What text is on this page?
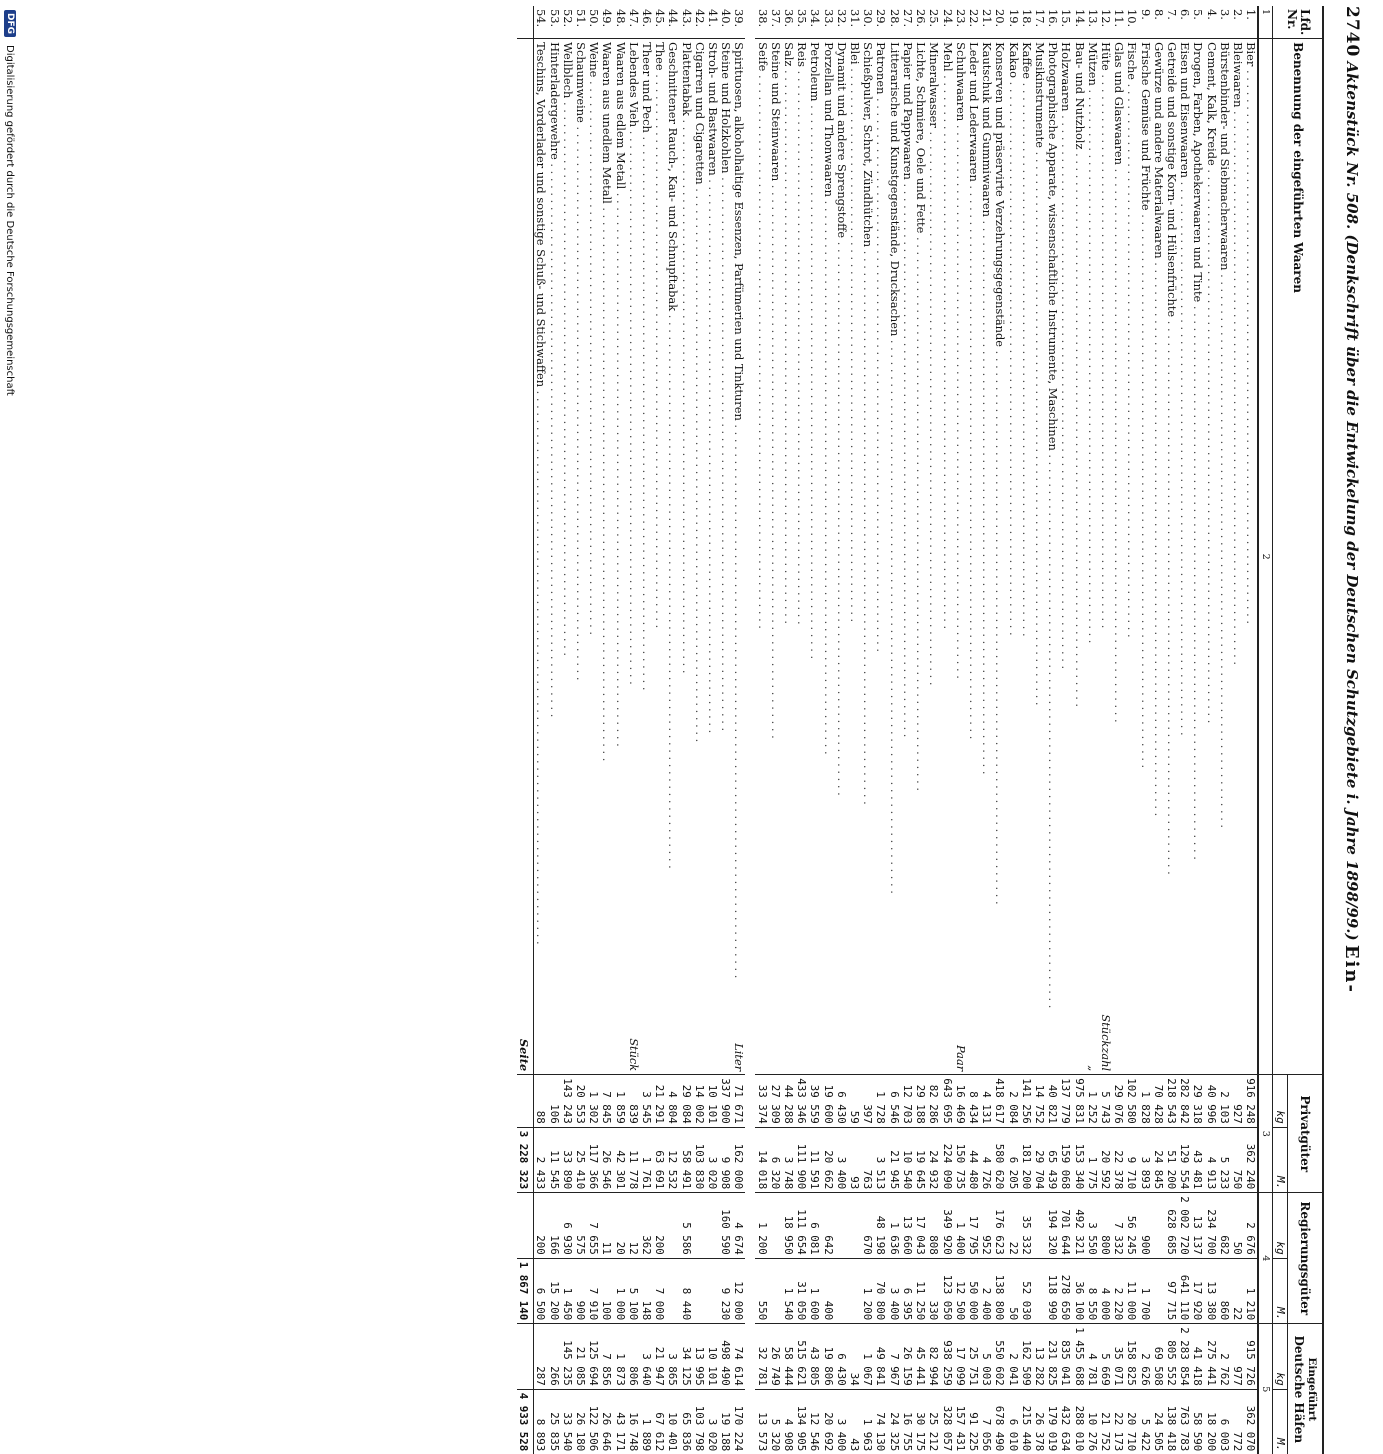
DFG
Digitalisierung gefördert durch die Deutsche Forschungsgemeinschaft
2740
Aktenstück Nr. 508. (Denkschrift über die Entwickelung der Deutschen Schutzgebiete i. Jahre 1898/99.)
Ein-
Lfd. Nr.	Benennung der eingeführten Waaren		Privatgüter		Regierungsgüter		Eingeführt
Deutsche Häfen	

			kg	M.	kg	M.	kg	M.
1	2		3		4		5	
1.	Bier . . .		916 248	362 240	2 676	1 210	915 726	362 070
2.	Bleiwaaren . . .		927	750	50	22	977	772
3.	Bürstenbinder- und Siebmacherwaaren . . .		2 103	5 233	682	860	2 762	6 003
4.	Cement, Kalk, Kreide . . .		40 996	4 913	234 700	13 380	275 441	18 200
5.	Drogen, Farben, Apothekerwaaren und Tinte . . .		29 318	43 481	13 137	17 920	41 418	58 590
6.	Eisen und Eisenwaaren . . .		282 842	129 554	2 002 720	641 110	2 283 854	763 783
7.	Getreide und sonstige Korn- und Hülsenfrüchte . . .		218 543	51 200	628 685	97 715	805 552	138 418
8.	Gewürze und andere Materialwaaren . . .		70 428	24 845			69 508	24 505
9.	Frische Gemüse und Früchte . . .		1 828	3 893	900	1 700	2 626	5 422
10.	Fische . . .		102 580	9 710	56 245	11 000	158 825	20 710
11.	Glas und Glaswaaren . . .		29 076	22 378	7 332	2 220	35 071	22 173
12.	Hüte . . .	Stückzahl	5 743	20 592	800	4 000	5 669	21 752
13.	Mützen . . .	„	1 252	1 775	3 550	8 550	4 781	10 276
14.	Bau- und Nutzholz . . .		975 831	153 340	492 321	36 100	1 455 688	288 010
15.	Holzwaaren . . .		137 779	159 068	701 644	278 650	835 041	432 634
16.	Photographische Apparate, wissenschaftliche Instrumente, Maschinen . . .		40 821	65 439	194 320	118 990	231 825	179 019
17.	Musikinstrumente . . .		14 752	29 704			13 282	26 378
18.	Kaffee . . .		141 256	181 200	35 332	52 030	162 509	215 440
19.	Kakao . . .		2 084	6 205	22	50	2 041	6 010
20.	Konserven und präservirte Verzehrungsgegenstände . . .		418 617	580 620	176 623	138 800	550 602	678 490
21.	Kautschuk und Gummiwaaren . . .		4 131	4 726	952	2 400	5 003	7 056
22.	Leder und Lederwaaren . . .		8 434	44 480	17 795	50 000	25 751	91 225
23.	Schuhwaaren . . .	Paar	16 469	150 735	1 400	12 500	17 099	157 431
24.	Mehl . . .		643 695	224 090	349 920	123 050	938 259	328 057
25.	Mineralwasser . . .		82 286	24 932	808	330	82 994	25 212
26.	Lichte, Schmiere, Oele und Fette . . .		29 188	19 645	17 043	11 250	45 441	30 175
27.	Papier und Pappwaaren . . .		12 703	10 540	13 660	6 395	26 159	16 755
28.	Litterarische und Kunstgegenstände, Drucksachen . . .		6 546	21 945	1 636	3 400	7 967	24 325
29.	Patronen . . .		1 728	3 513	48 198	70 800	49 841	74 130
30.	Schießpulver, Schrot, Zündhütchen . . .		397	763	670	1 200	1 067	1 963
31.	Blei . . .		59	93			34	43
32.	Dynamit und andere Sprengstoffe . . .		6 430	3 400			6 430	3 400
33.	Porzellan und Thonwaaren . . .		19 600	20 662	642	400	19 806	20 692
34.	Petroleum . . .		39 559	11 591	6 081	1 600	43 805	12 546
35.	Reis . . .		433 346	111 900	111 654	31 050	515 621	134 905
36.	Salz . . .		44 288	3 748	18 950	1 540	58 444	4 908
37.	Steine und Steinwaaren . . .		27 309	6 320			26 749	5 320
38.	Seife . . .		33 374	14 018	1 200	550	32 781	13 573

39.	Spirituosen, alkoholhaltige Essenzen, Parfümerien und Tinkturen . . .	Liter	71 671	162 000	4 674	12 000	74 614	170 224
40.	Steine und Holzkohlen . . .		337 900	9 908	160 590	9 230	498 490	19 188
41.	Stroh- und Bastwaaren . . .		10 101	3 020			10 101	3 020
42.	Cigarren und Cigaretten . . .		14 002	103 830			13 995	103 798
43.	Plattentabak . . .		29 084	58 491	5 586	8 440	34 125	65 836
44.	Geschnittener Rauch-, Kau- und Schnupftabak . . .		4 804	12 532			3 865	10 401
45.	Thee . . .		21 291	63 691	200	7 000	21 947	67 612
46.	Theer und Pech . . .		3 545	1 761	362	148	3 640	1 889
47.	Lebendes Vieh . . .	Stück	839	11 778	12	5 100	806	16 748
48.	Waaren aus edlem Metall . . .		1 859	42 301	20	1 000	1 873	43 171
49.	Waaren aus unedlem Metall . . .		7 845	26 546	11	100	7 856	26 646
50.	Weine . . .		1 302	117 366	7 655	7 910	125 694	122 506
51.	Schaumweine . . .		20 553	25 410	575	900	21 085	26 180
52.	Wellblech . . .		143 243	33 890	6 930	1 450	145 235	33 540
53.	Hinterladergewehre . . .		106	11 545	166	15 200	266	25 835
54.	Teschins, Vorderlader und sonstige Schuß- und Stichwaffen . . .		88	2 433	200	6 500	287	8 893
	Seite			3 228 323		1 867 140		4 933 528
